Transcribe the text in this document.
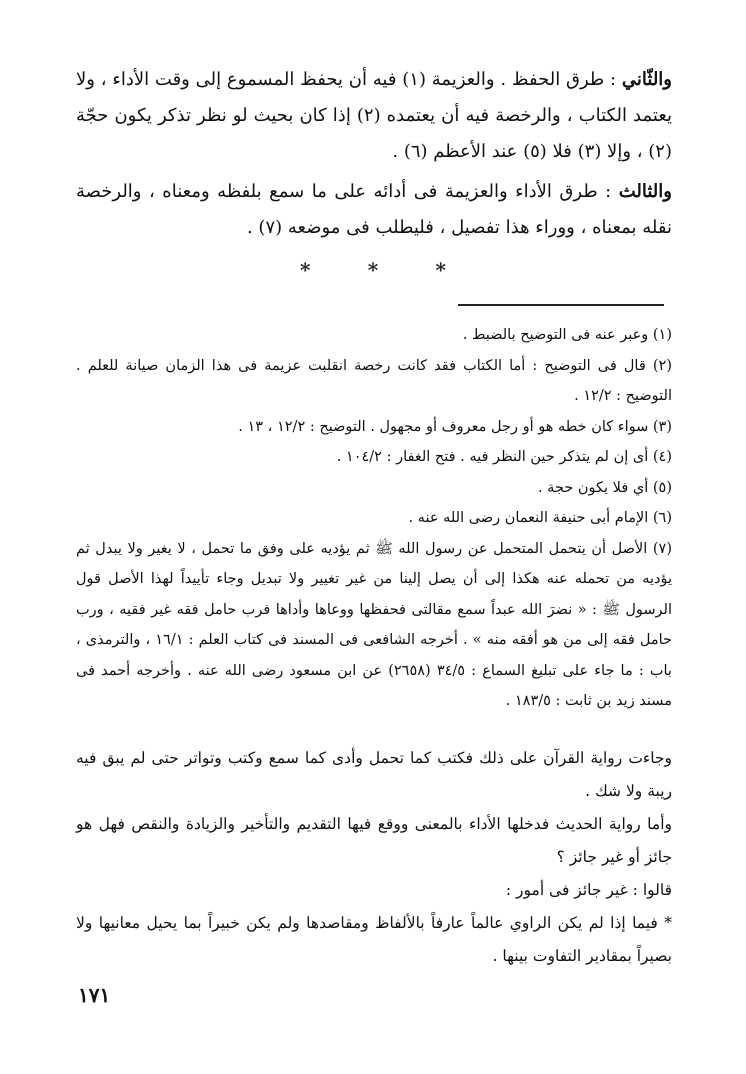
والثّاني : طرق الحفظ . والعزيمة (١) فيه أن يحفظ المسموع إلى وقت الأداء ، ولا يعتمد الكتاب ، والرخصة فيه أن يعتمده (٢) إذا كان بحيث لو نظر تذكر يكون حجّة (٢) ، وإلا (٣) فلا (٥) عند الأعظم (٦) .

والثالث : طرق الأداء والعزيمة فى أدائه على ما سمع بلفظه ومعناه ، والرخصة نقله بمعناه ، ووراء هذا تفصيل ، فليطلب فى موضعه (٧) .

*	*	*

(١) وعبر عنه فى التوضيح بالضبط .

(٢) قال فى التوضيح : أما الكتاب فقد كانت رخصة انقلبت عزيمة فى هذا الزمان صيانة للعلم . التوضيح : ١٢/٢ .

(٣) سواء كان خطه هو أو رجل معروف أو مجهول . التوضيح : ١٢/٢ ، ١٣ .

(٤) أى إن لم يتذكر حين النظر فيه . فتح الغفار : ١٠٤/٢ .

(٥) أي فلا يكون حجة .

(٦) الإمام أبى حنيفة النعمان رضى الله عنه .

(٧) الأصل أن يتحمل المتحمل عن رسول الله ﷺ ثم يؤديه على وفق ما تحمل ، لا يغير ولا يبدل ثم يؤديه من تحمله عنه هكذا إلى أن يصل إلينا من غير تغيير ولا تبديل وجاء تأييداً لهذا الأصل قول الرسول ﷺ : « نضرَ الله عبداً سمع مقالتى فحفظها ووعاها وأداها فرب حامل فقه غير فقيه ، ورب حامل فقه إلى من هو أفقه منه » . أخرجه الشافعى فى المسند فى كتاب العلم : ١٦/١ ، والترمذى ، باب : ما جاء على تبليغ السماع : ٣٤/٥ (٢٦٥٨) عن ابن مسعود رضى الله عنه . وأخرجه أحمد فى مسند زيد بن ثابت : ١٨٣/٥ .

وجاءت رواية القرآن على ذلك فكتب كما تحمل وأدى كما سمع وكتب وتواتر حتى لم يبق فيه ريبة ولا شك .

وأما رواية الحديث فدخلها الأداء بالمعنى ووقع فيها التقديم والتأخير والزيادة والنقص فهل هو جائز أو غير جائز ؟

قالوا : غير جائز فى أمور :

* فيما إذا لم يكن الراوي عالماً عارفاً بالألفاظ ومقاصدها ولم يكن خبيراً بما يحيل معانيها ولا بصيراً بمقادير التفاوت بينها .

١٧١
